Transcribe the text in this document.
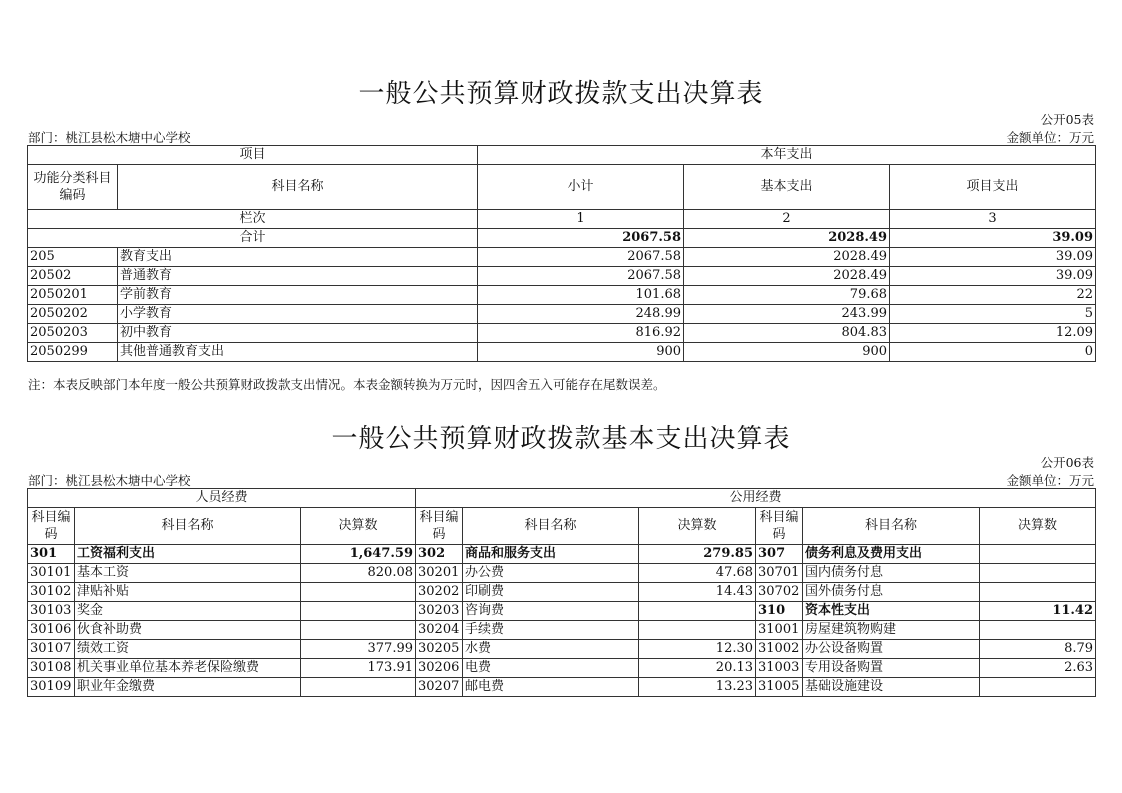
一般公共预算财政拨款支出决算表
公开05表
部门：桃江县松木塘中心学校	金额单位：万元
项目		本年支出		
功能分类科目编码	科目名称	小计	基本支出	项目支出
栏次		1	2	3
合计		2067.58	2028.49	39.09
205	教育支出	2067.58	2028.49	39.09
20502	普通教育	2067.58	2028.49	39.09
2050201	学前教育	101.68	79.68	22
2050202	小学教育	248.99	243.99	5
2050203	初中教育	816.92	804.83	12.09
2050299	其他普通教育支出	900	900	0
注：本表反映部门本年度一般公共预算财政拨款支出情况。本表金额转换为万元时，因四舍五入可能存在尾数误差。
一般公共预算财政拨款基本支出决算表
公开06表
部门：桃江县松木塘中心学校	金额单位：万元
人员经费			公用经费					
科目编码	科目名称	决算数	科目编码	科目名称	决算数	科目编码	科目名称	决算数
301	工资福利支出	1,647.59	302	商品和服务支出	279.85	307	债务利息及费用支出	
30101	基本工资	820.08	30201	办公费	47.68	30701	国内债务付息	
30102	津贴补贴		30202	印刷费	14.43	30702	国外债务付息	
30103	奖金		30203	咨询费		310	资本性支出	11.42
30106	伙食补助费		30204	手续费		31001	房屋建筑物购建	
30107	绩效工资	377.99	30205	水费	12.30	31002	办公设备购置	8.79
30108	机关事业单位基本养老保险缴费	173.91	30206	电费	20.13	31003	专用设备购置	2.63
30109	职业年金缴费		30207	邮电费	13.23	31005	基础设施建设	
